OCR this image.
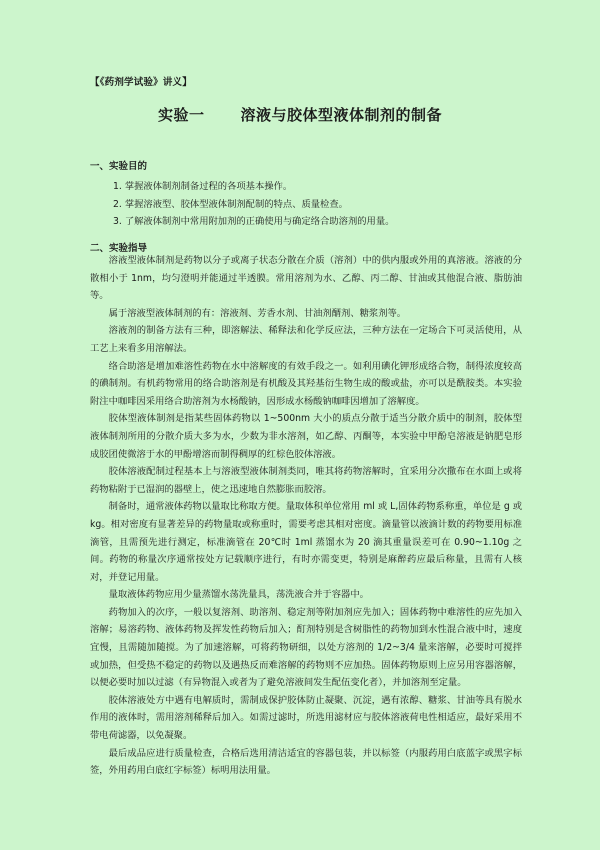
【《药剂学试验》讲义】
实验一 溶液与胶体型液体制剂的制备
一、实验目的
1. 掌握液体制剂制备过程的各项基本操作。
2. 掌握溶液型、胶体型液体制剂配制的特点、质量检查。
3. 了解液体制剂中常用附加剂的正确使用与确定络合助溶剂的用量。
二、实验指导

溶液型液体制剂是药物以分子或离子状态分散在介质（溶剂）中的供内服或外用的真溶液。溶液的分散相小于 1nm，均匀澄明并能通过半透膜。常用溶剂为水、乙醇、丙二醇、甘油或其他混合液、脂肪油等。

属于溶液型液体制剂的有：溶液剂、芳香水剂、甘油剂醑剂、糖浆剂等。

溶液剂的制备方法有三种，即溶解法、稀释法和化学反应法，三种方法在一定场合下可灵活使用，从工艺上来看多用溶解法。

络合助溶是增加难溶性药物在水中溶解度的有效手段之一。如利用碘化钾形成络合物，制得浓度较高的碘制剂。有机药物常用的络合助溶剂是有机酸及其羟基衍生物生成的酸或盐，亦可以是酰胺类。本实验附注中咖啡因采用络合助溶剂为水杨酸钠，因形成水杨酸钠咖啡因增加了溶解度。

胶体型液体制剂是指某些固体药物以 1~500nm 大小的质点分散于适当分散介质中的制剂，胶体型液体制剂所用的分散介质大多为水，少数为非水溶剂，如乙醇、丙酮等，本实验中甲酚皂溶液是钠肥皂形成胶团使微溶于水的甲酚增溶而制得稠厚的红棕色胶体溶液。

胶体溶液配制过程基本上与溶液型液体制剂类同，唯其将药物溶解时，宜采用分次撒布在水面上或将药物粘附于已湿润的器壁上，使之迅速地自然膨胀而胶溶。

制备时，通常液体药物以量取比称取方便。量取体积单位常用 ml 或 L,固体药物系称重，单位是 g 或 kg。相对密度有显著差异的药物量取或称重时，需要考虑其相对密度。滴量管以液滴计数的药物要用标准滴管，且需预先进行测定，标准滴管在 20℃时 1ml 蒸馏水为 20 滴其重量误差可在 0.90~1.10g 之间。药物的称量次序通常按处方记载顺序进行，有时亦需变更，特别是麻醉药应最后称量，且需有人核对，并登记用量。

量取液体药物应用少量蒸馏水荡洗量具，荡洗液合并于容器中。

药物加入的次序，一般以复溶剂、助溶剂、稳定剂等附加剂应先加入；固体药物中难溶性的应先加入溶解；易溶药物、液体药物及挥发性药物后加入；酊剂特别是含树脂性的药物加到水性混合液中时，速度宜慢，且需随加随搅。为了加速溶解，可将药物研细，以处方溶剂的 1/2~3/4 量来溶解，必要时可搅拌或加热，但受热不稳定的药物以及遇热反而难溶解的药物则不应加热。固体药物原则上应另用容器溶解，以便必要时加以过滤（有异物混入或者为了避免溶液间发生配伍变化者），并加溶剂至定量。

胶体溶液处方中遇有电解质时，需制成保护胶体防止凝聚、沉淀，遇有浓醇、糖浆、甘油等具有脱水作用的液体时，需用溶剂稀释后加入。如需过滤时，所选用滤材应与胶体溶液荷电性相适应，最好采用不带电荷滤器，以免凝聚。

最后成品应进行质量检查，合格后选用清洁适宜的容器包装，并以标签（内服药用白底蓝字或黑字标签，外用药用白底红字标签）标明用法用量。
